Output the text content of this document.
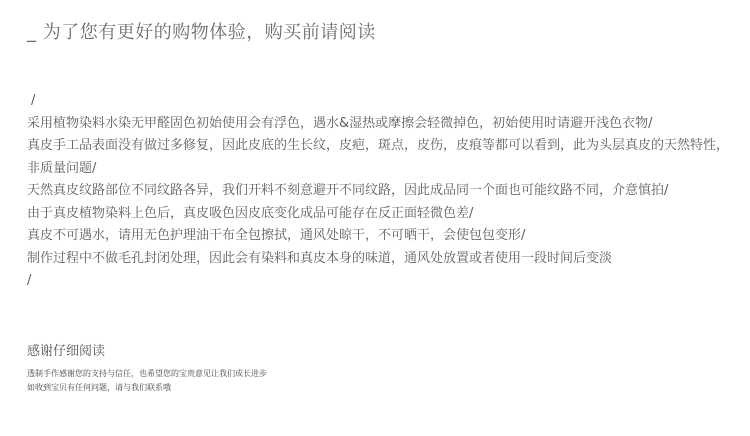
_ 为了您有更好的购物体验，购买前请阅读
/
采用植物染料水染无甲醛固色初始使用会有浮色，遇水&湿热或摩擦会轻微掉色，初始使用时请避开浅色衣物/
真皮手工品表面没有做过多修复，因此皮底的生长纹，皮疤，斑点，皮伤，皮痕等都可以看到，此为头层真皮的天然特性，
非质量问题/
天然真皮纹路部位不同纹路各异，我们开料不刻意避开不同纹路，因此成品同一个面也可能纹路不同，介意慎拍/
由于真皮植物染料上色后，真皮吸色因皮底变化成品可能存在反正面轻微色差/
真皮不可遇水，请用无色护理油干布全包擦拭，通风处晾干，不可晒干，会使包包变形/
制作过程中不做毛孔封闭处理，因此会有染料和真皮本身的味道，通风处放置或者使用一段时间后变淡
/
感谢仔细阅读
透制手作感谢您的支持与信任，也希望您的宝贵意见让我们成长进步
如收到宝贝有任何问题，请与我们联系哦
